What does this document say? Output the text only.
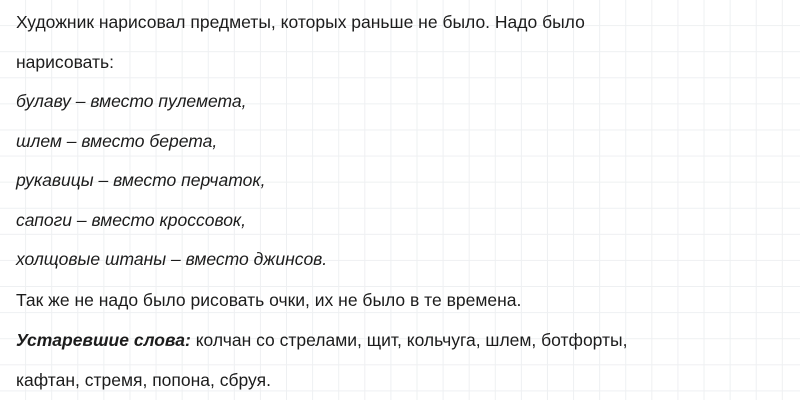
Художник нарисовал предметы, которых раньше не было. Надо было
нарисовать:
булаву – вместо пулемета,
шлем – вместо берета,
рукавицы – вместо перчаток,
сапоги – вместо кроссовок,
холщовые штаны – вместо джинсов.
Так же не надо было рисовать очки, их не было в те времена.
Устаревшие слова: колчан со стрелами, щит, кольчуга, шлем, ботфорты,
кафтан, стремя, попона, сбруя.
